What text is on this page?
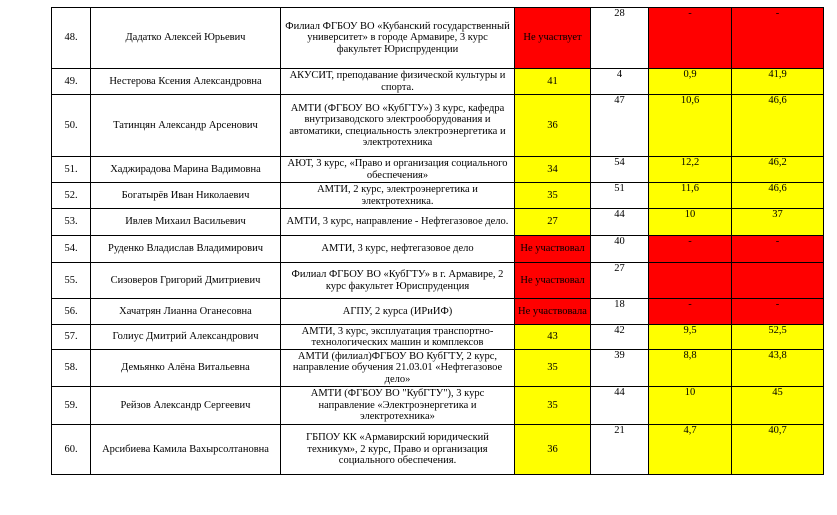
48.	Дадатко Алексей Юрьевич	Филиал ФГБОУ ВО «Кубанский государственный университет» в городе Армавире, 3 курс факультет Юриспруденции	Не участвует	28	-	-
49.	Нестерова Ксения Александровна	АКУСИТ, преподавание физической культуры и спорта.	41	4	0,9	41,9
50.	Татинцян Александр Арсенович	АМТИ (ФГБОУ ВО «КубГТУ») 3 курс, кафедра внутризаводского электрооборудования и автоматики, специальность электроэнергетика и электротехника	36	47	10,6	46,6
51.	Хаджирадова Марина Вадимовна	АЮТ, 3 курс, «Право и организация социального обеспечения»	34	54	12,2	46,2
52.	Богатырёв Иван Николаевич	АМТИ, 2 курс, электроэнергетика и электротехника.	35	51	11,6	46,6
53.	Ивлев Михаил Васильевич	АМТИ, 3 курс, направление - Нефтегазовое дело.	27	44	10	37
54.	Руденко Владислав Владимирович	АМТИ, 3 курс, нефтегазовое дело	Не участвовал	40	-	-
55.	Сизоверов Григорий Дмитриевич	Филиал ФГБОУ ВО «КубГТУ» в г. Армавире, 2 курс факультет Юриспруденция	Не участвовал	27		
56.	Хачатрян Лианна Оганесовна	АГПУ, 2 курса (ИРиИФ)	Не участвовала	18	-	-
57.	Голиус Дмитрий Александрович	АМТИ, 3 курс, эксплуатация транспортно-технологических машин и комплексов	43	42	9,5	52,5
58.	Демьянко Алёна Витальевна	АМТИ (филиал)ФГБОУ ВО КубГТУ, 2 курс, направление обучения 21.03.01 «Нефтегазовое дело»	35	39	8,8	43,8
59.	Рейзов Александр Сергеевич	АМТИ (ФГБОУ ВО "КубГТУ"), 3 курс направление «Электроэнергетика и электротехника»	35	44	10	45
60.	Арсибиева Камила Вахырсолтановна	ГБПОУ КК «Армавирский юридический техникум», 2 курс, Право и организация социального обеспечения.	36	21	4,7	40,7
